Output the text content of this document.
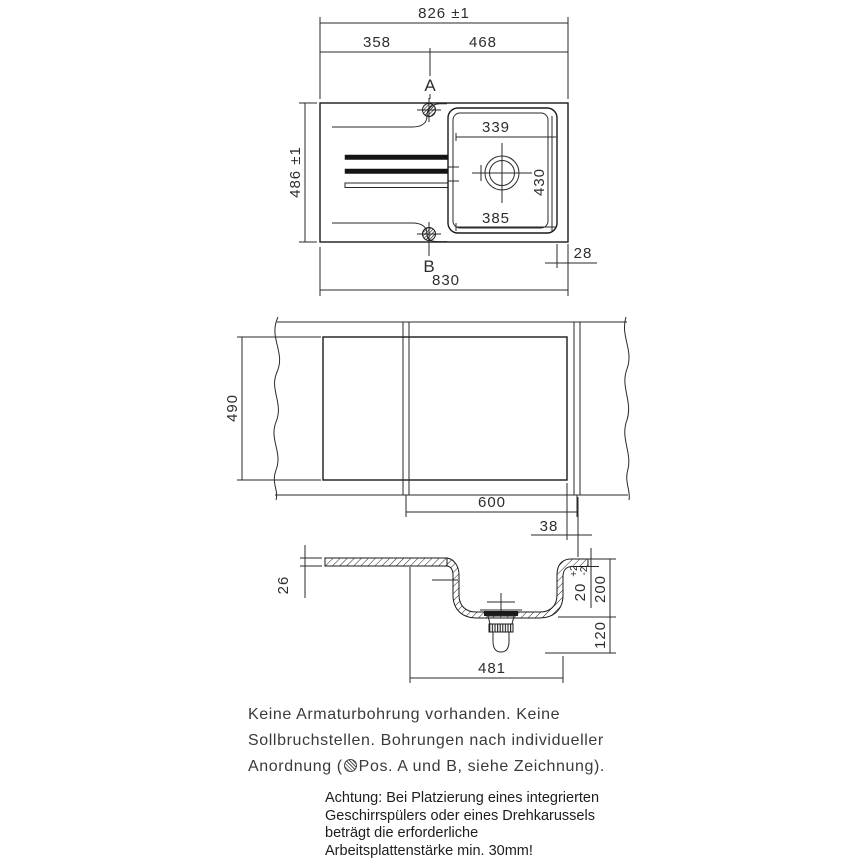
339
385
430
826 ±1
358	468
A
B
486 ±1
28
830
490
600
38
26	20
+2 -2
200
120
481
Keine Armaturbohrung vorhanden. Keine
Sollbruchstellen. Bohrungen nach individueller
Anordnung ( Pos. A und B, siehe Zeichnung).
Achtung: Bei Platzierung eines integrierten
Geschirrspülers oder eines Drehkarussels
beträgt die erforderliche
Arbeitsplattenstärke min. 30mm!
